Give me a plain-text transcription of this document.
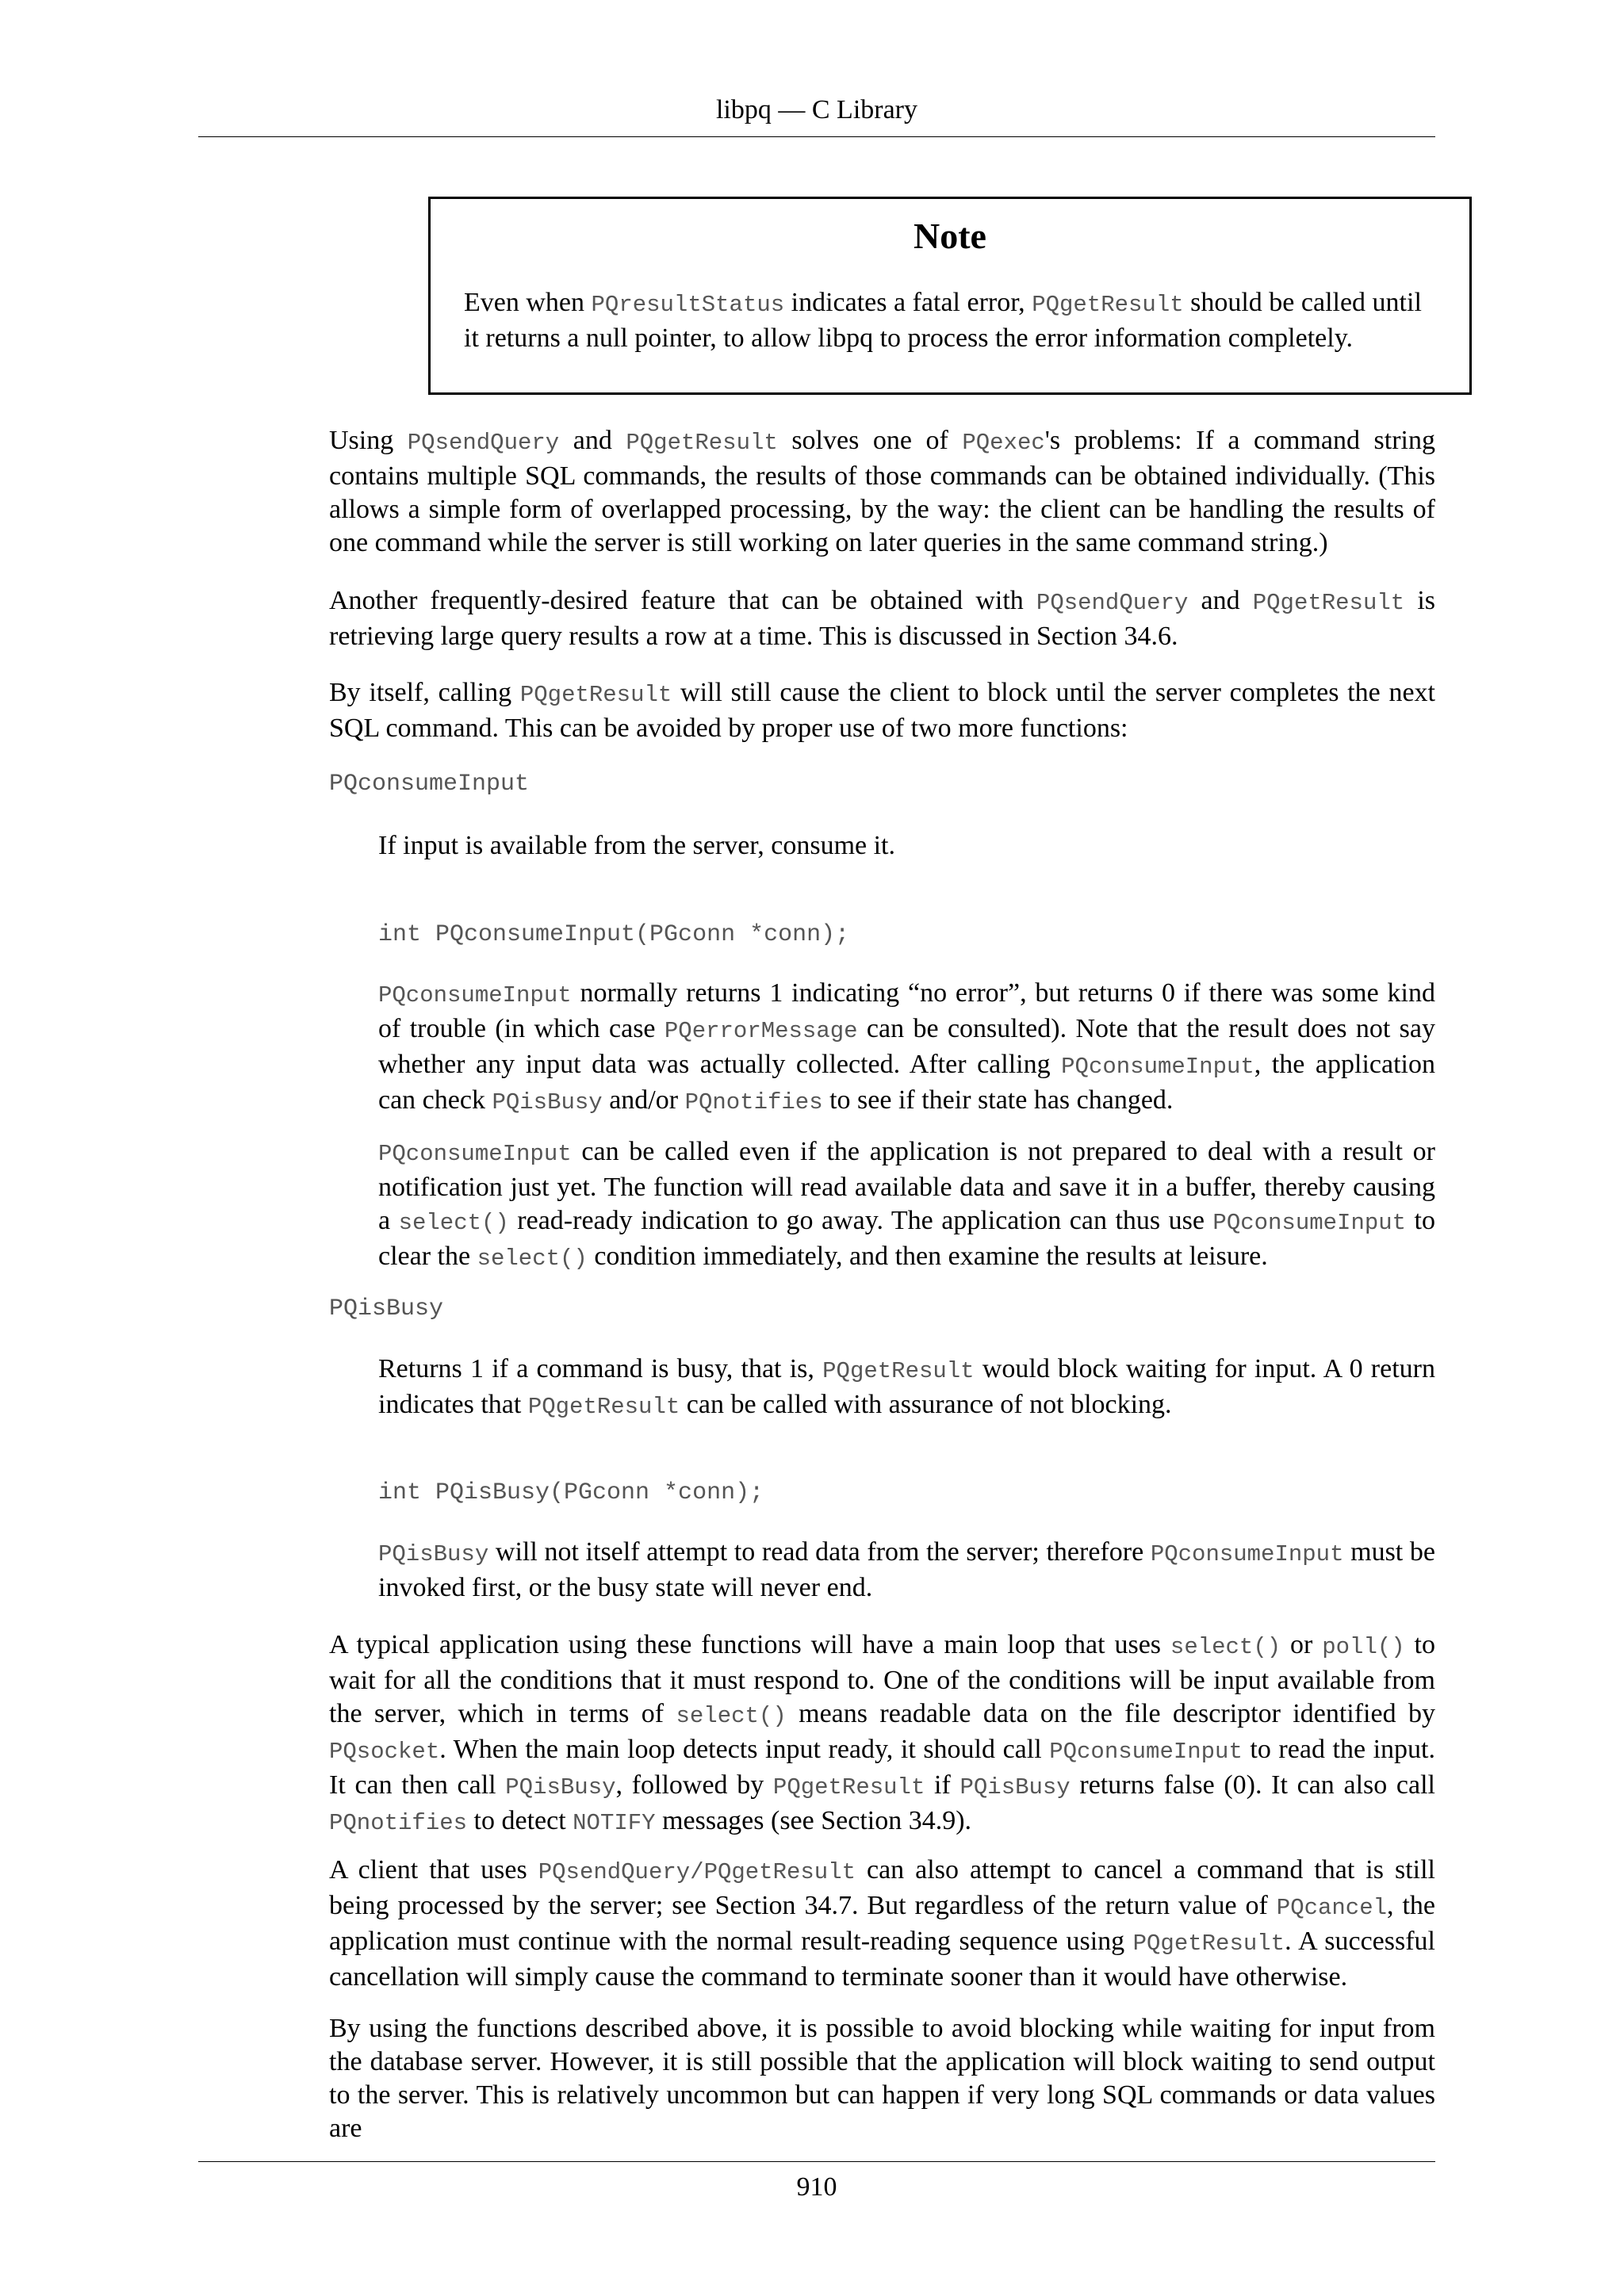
libpq — C Library
Note
Even when PQresultStatus indicates a fatal error, PQgetResult should be called until it returns a null pointer, to allow libpq to process the error information completely.
Using PQsendQuery and PQgetResult solves one of PQexec's problems: If a command string contains multiple SQL commands, the results of those commands can be obtained individually. (This allows a simple form of overlapped processing, by the way: the client can be handling the results of one command while the server is still working on later queries in the same command string.)
Another frequently-desired feature that can be obtained with PQsendQuery and PQgetResult is retrieving large query results a row at a time. This is discussed in Section 34.6.
By itself, calling PQgetResult will still cause the client to block until the server completes the next SQL command. This can be avoided by proper use of two more functions:
PQconsumeInput
If input is available from the server, consume it.
int PQconsumeInput(PGconn *conn);
PQconsumeInput normally returns 1 indicating “no error”, but returns 0 if there was some kind of trouble (in which case PQerrorMessage can be consulted). Note that the result does not say whether any input data was actually collected. After calling PQconsumeInput, the application can check PQisBusy and/or PQnotifies to see if their state has changed.
PQconsumeInput can be called even if the application is not prepared to deal with a result or notification just yet. The function will read available data and save it in a buffer, thereby causing a select() read-ready indication to go away. The application can thus use PQconsumeInput to clear the select() condition immediately, and then examine the results at leisure.
PQisBusy
Returns 1 if a command is busy, that is, PQgetResult would block waiting for input. A 0 return indicates that PQgetResult can be called with assurance of not blocking.
int PQisBusy(PGconn *conn);
PQisBusy will not itself attempt to read data from the server; therefore PQconsumeInput must be invoked first, or the busy state will never end.
A typical application using these functions will have a main loop that uses select() or poll() to wait for all the conditions that it must respond to. One of the conditions will be input available from the server, which in terms of select() means readable data on the file descriptor identified by PQsocket. When the main loop detects input ready, it should call PQconsumeInput to read the input. It can then call PQisBusy, followed by PQgetResult if PQisBusy returns false (0). It can also call PQnotifies to detect NOTIFY messages (see Section 34.9).
A client that uses PQsendQuery/PQgetResult can also attempt to cancel a command that is still being processed by the server; see Section 34.7. But regardless of the return value of PQcancel, the application must continue with the normal result-reading sequence using PQgetResult. A successful cancellation will simply cause the command to terminate sooner than it would have otherwise.
By using the functions described above, it is possible to avoid blocking while waiting for input from the database server. However, it is still possible that the application will block waiting to send output to the server. This is relatively uncommon but can happen if very long SQL commands or data values are
910
